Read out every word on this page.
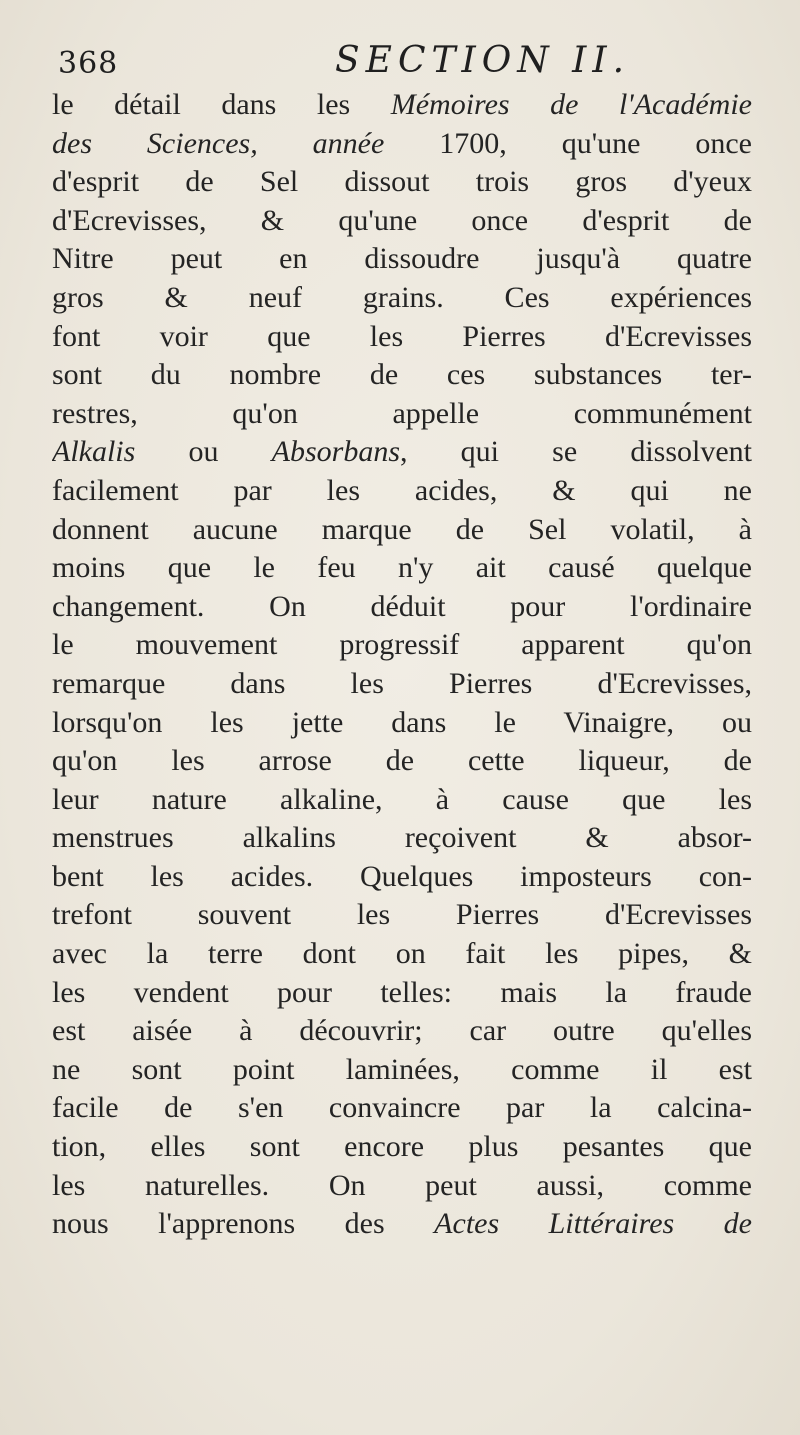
368	SECTION II.
le détail dans les Mémoires de l'Académie
des Sciences, année 1700, qu'une once
d'esprit de Sel dissout trois gros d'yeux
d'Ecrevisses, & qu'une once d'esprit de
Nitre peut en dissoudre jusqu'à quatre
gros & neuf grains. Ces expériences
font voir que les Pierres d'Ecrevisses
sont du nombre de ces substances ter-
restres, qu'on appelle communément
Alkalis ou Absorbans, qui se dissolvent
facilement par les acides, & qui ne
donnent aucune marque de Sel volatil, à
moins que le feu n'y ait causé quelque
changement. On déduit pour l'ordinaire
le mouvement progressif apparent qu'on
remarque dans les Pierres d'Ecrevisses,
lorsqu'on les jette dans le Vinaigre, ou
qu'on les arrose de cette liqueur, de
leur nature alkaline, à cause que les
menstrues alkalins reçoivent & absor-
bent les acides. Quelques imposteurs con-
trefont souvent les Pierres d'Ecrevisses
avec la terre dont on fait les pipes, &
les vendent pour telles: mais la fraude
est aisée à découvrir; car outre qu'elles
ne sont point laminées, comme il est
facile de s'en convaincre par la calcina-
tion, elles sont encore plus pesantes que
les naturelles. On peut aussi, comme
nous l'apprenons des Actes Littéraires de
